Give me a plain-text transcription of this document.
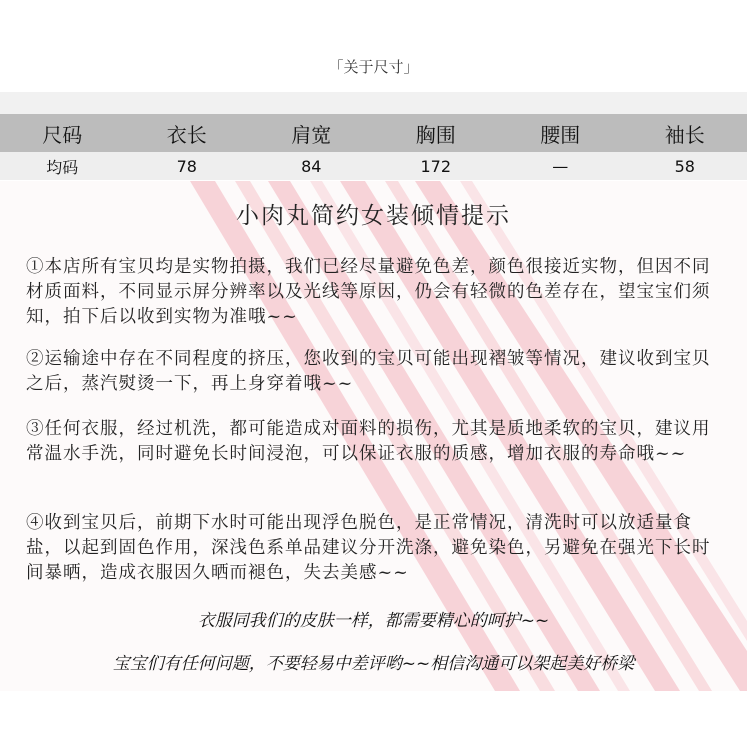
「关于尺寸」
尺码	衣长	肩宽	胸围	腰围	袖长
均码	78	84	172	—	58
小肉丸简约女装倾情提示
①本店所有宝贝均是实物拍摄，我们已经尽量避免色差，颜色很接近实物，但因不同材质面料，不同显示屏分辨率以及光线等原因，仍会有轻微的色差存在，望宝宝们须知，拍下后以收到实物为准哦~~
②运输途中存在不同程度的挤压，您收到的宝贝可能出现褶皱等情况，建议收到宝贝之后，蒸汽熨烫一下，再上身穿着哦~~
③任何衣服，经过机洗，都可能造成对面料的损伤，尤其是质地柔软的宝贝，建议用常温水手洗，同时避免长时间浸泡，可以保证衣服的质感，增加衣服的寿命哦~~
④收到宝贝后，前期下水时可能出现浮色脱色，是正常情况，清洗时可以放适量食盐，以起到固色作用，深浅色系单品建议分开洗涤，避免染色，另避免在强光下长时间暴晒，造成衣服因久晒而褪色，失去美感~~
衣服同我们的皮肤一样，都需要精心的呵护~~
宝宝们有任何问题，不要轻易中差评哟~~相信沟通可以架起美好桥梁
